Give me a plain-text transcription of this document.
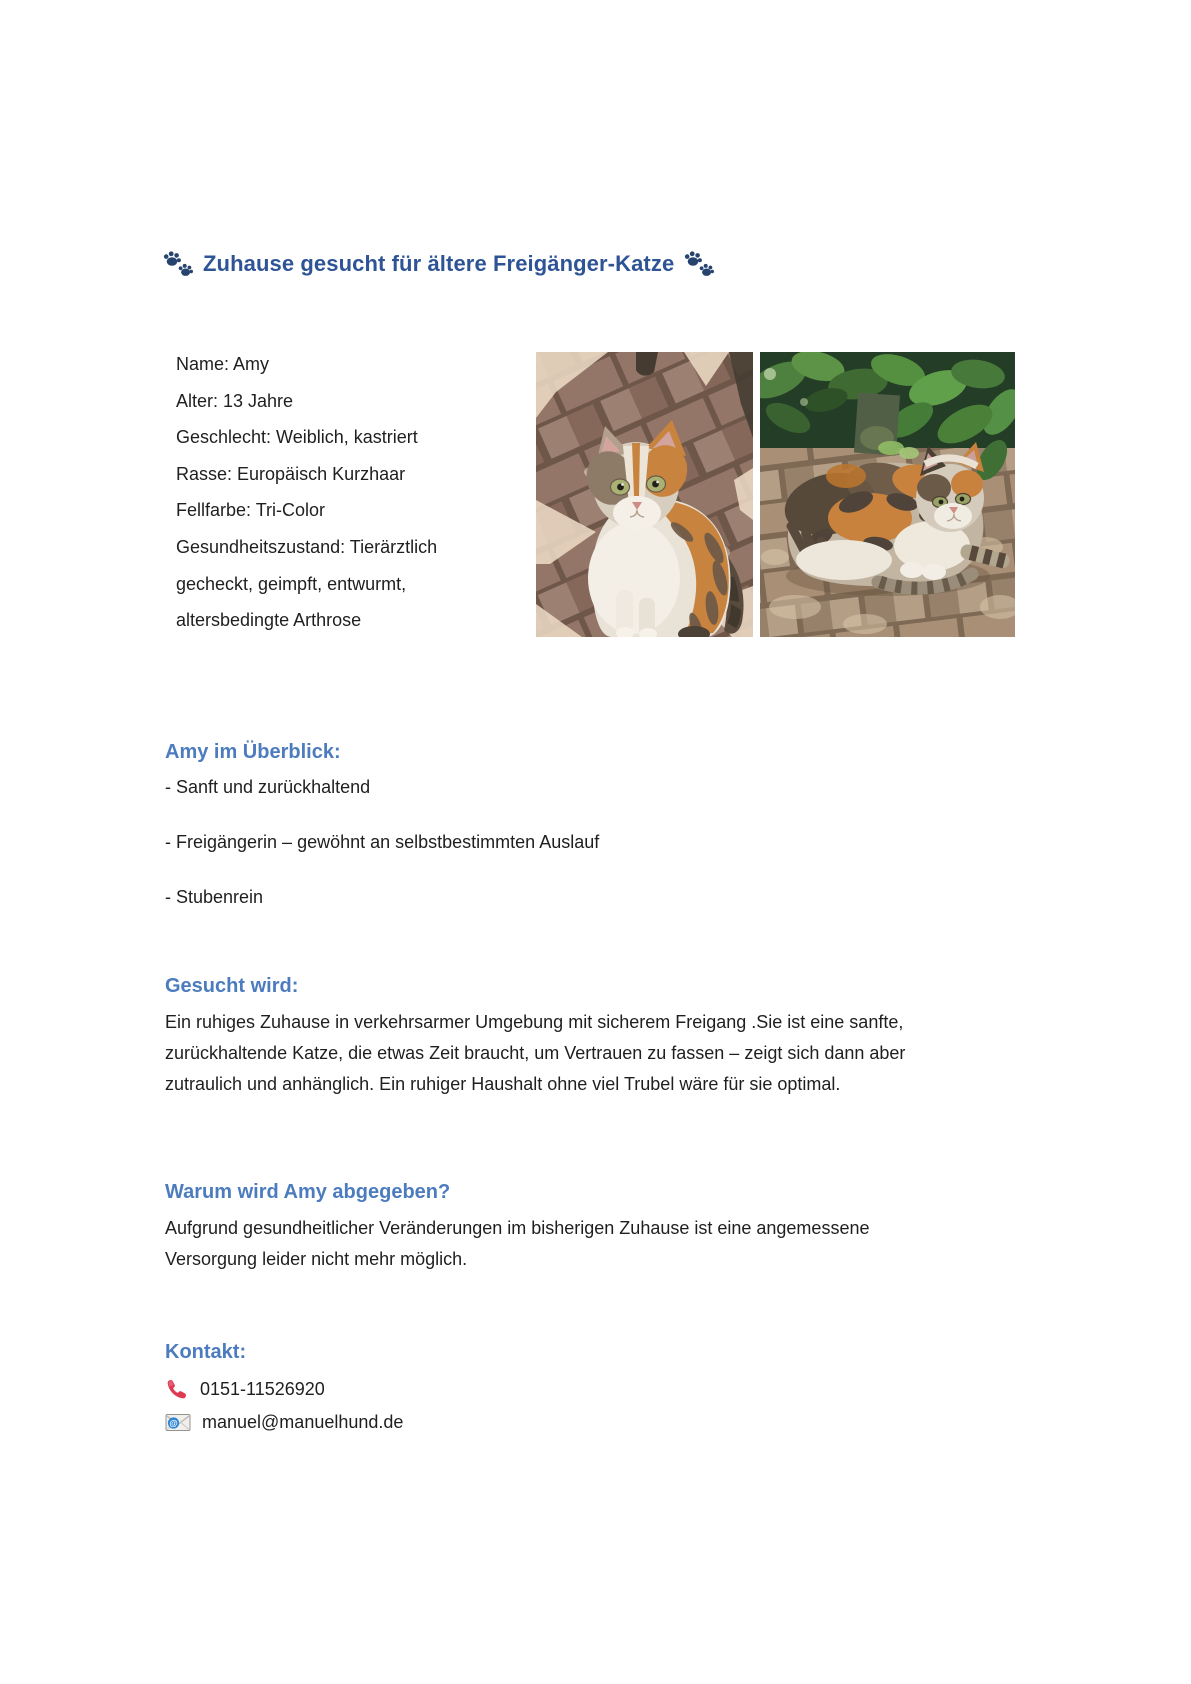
Zuhause gesucht für ältere Freigänger-Katze
Name: Amy
Alter: 13 Jahre
Geschlecht: Weiblich, kastriert
Rasse: Europäisch Kurzhaar
Fellfarbe: Tri-Color
Gesundheitszustand: Tierärztlich
gecheckt, geimpft, entwurmt,
altersbedingte Arthrose
Amy im Überblick:

- Sanft und zurückhaltend

- Freigängerin – gewöhnt an selbstbestimmten Auslauf

- Stubenrein

Gesucht wird:
Ein ruhiges Zuhause in verkehrsarmer Umgebung mit sicherem Freigang .Sie ist eine sanfte,
zurückhaltende Katze, die etwas Zeit braucht, um Vertrauen zu fassen – zeigt sich dann aber
zutraulich und anhänglich. Ein ruhiger Haushalt ohne viel Trubel wäre für sie optimal.
Warum wird Amy abgegeben?
Aufgrund gesundheitlicher Veränderungen im bisherigen Zuhause ist eine angemessene
Versorgung leider nicht mehr möglich.
Kontakt:
0151-11526920
@ manuel@manuelhund.de
